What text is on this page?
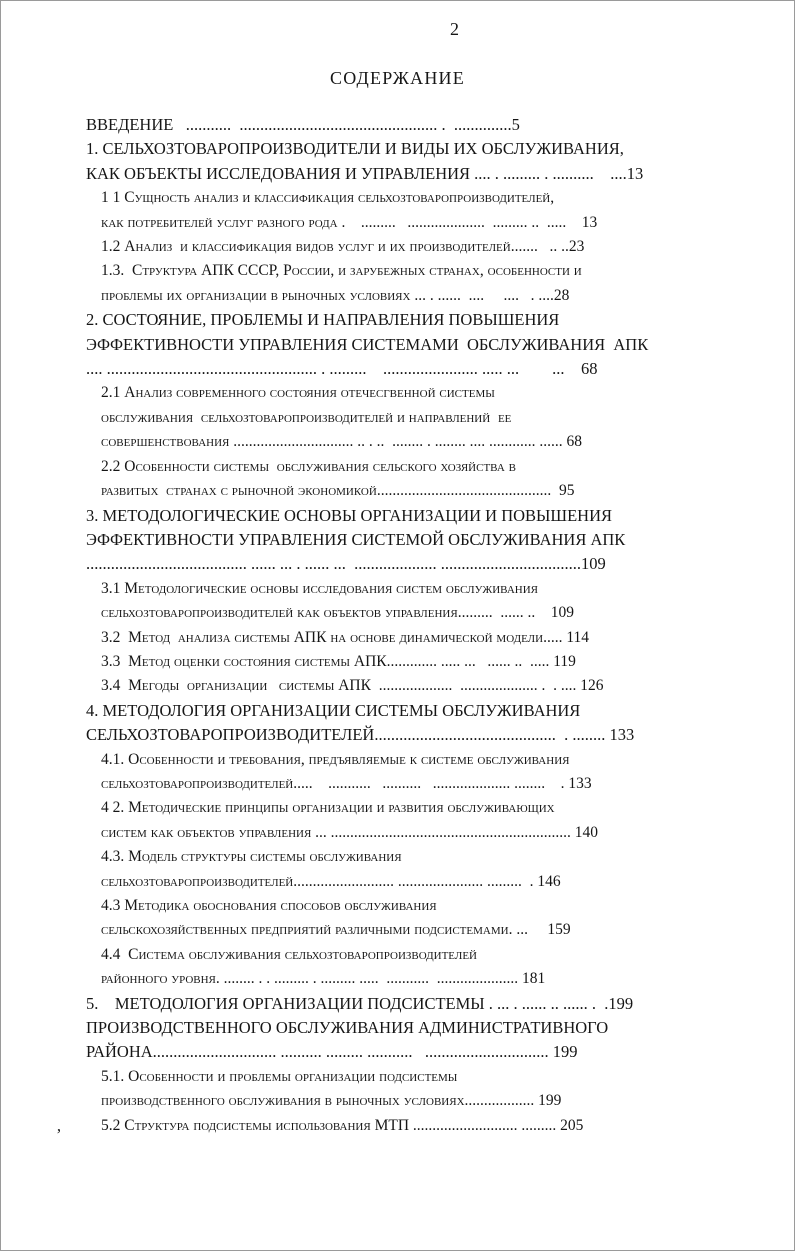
2
СОДЕРЖАНИЕ
ВВЕДЕНИЕ   ...........  ................................................ .  ..............5
1. СЕЛЬХОЗТОВАРОПРОИЗВОДИТЕЛИ И ВИДЫ ИХ ОБСЛУЖИВАНИЯ,
КАК ОБЪЕКТЫ ИССЛЕДОВАНИЯ И УПРАВЛЕНИЯ .... . ......... . ..........    ....13
1 1 Сущность анализ и классификация сельхозтоваропроизводителей,
как потребителей услуг разного рода .    .........   ....................  ......... ..  .....    13
1.2 Анализ  и классификация видов услуг и их производителей.......   .. ..23
1.3.  Структура АПК СССР, России, и зарубежных странах, особенности и
проблемы их организации в рыночных условиях ... . ......  ....     ....   . ....28
2. СОСТОЯНИЕ, ПРОБЛЕМЫ И НАПРАВЛЕНИЯ ПОВЫШЕНИЯ
ЭФФЕКТИВНОСТИ УПРАВЛЕНИЯ СИСТЕМАМИ  ОБСЛУЖИВАНИЯ  АПК
.... ................................................... . .........    ....................... ..... ...        ...    68
2.1 Анализ современного состояния отечесгвенной системы
обслуживания  сельхозтоваропроизводителей и направлений  ее
совершенствования ............................... .. . ..  ........ . ........ .... ............ ...... 68
2.2 Особенности системы  обслуживания сельского хозяйства в
развитых  странах с рыночной экономикой.............................................  95
3. МЕТОДОЛОГИЧЕСКИЕ ОСНОВЫ ОРГАНИЗАЦИИ И ПОВЫШЕНИЯ
ЭФФЕКТИВНОСТИ УПРАВЛЕНИЯ СИСТЕМОЙ ОБСЛУЖИВАНИЯ АПК
....................................... ...... ... . ...... ...  .................... ..................................109
3.1 Методологические основы исследования систем обслуживания
сельхозтоваропроизводителей как объектов управления.........  ...... ..    109
3.2  Метод  анализа системы АПК на основе динамической модели..... 114
3.3  Метод оценки состояния системы АПК............. ..... ...   ...... ..  ..... 119
3.4  Мегоды  организации   системы АПК  ...................  .................... .  . .... 126
4. МЕТОДОЛОГИЯ ОРГАНИЗАЦИИ СИСТЕМЫ ОБСЛУЖИВАНИЯ
СЕЛЬХОЗТОВАРОПРОИЗВОДИТЕЛЕЙ............................................  . ........ 133
4.1. Особенности и требования, предъявляемые к системе обслуживания
сельхозтоваропроизводителей.....    ...........   ..........   .................... ........    . 133
4 2. Методические принципы организации и развития обслуживающих
систем как объектов управления ... .............................................................. 140
4.3. Модель структуры системы обслуживания
сельхозтоваропроизводителей.......................... ...................... .........  . 146
4.3 Методика обоснования способов обслуживания
сельскохозяйственных предприятий различными подсистемами. ...     159
4.4  Система обслуживания сельхозтоваропроизводителей
районного уровня. ........ . . ......... . ......... .....  ...........  ..................... 181
5.    МЕТОДОЛОГИЯ ОРГАНИЗАЦИИ ПОДСИСТЕМЫ . ... . ...... .. ...... .  .199
ПРОИЗВОДСТВЕННОГО ОБСЛУЖИВАНИЯ АДМИНИСТРАТИВНОГО
РАЙОНА.............................. .......... ......... ...........   .............................. 199
5.1. Особенности и проблемы организации подсистемы
производственного обслуживания в рыночных условиях.................. 199
5.2 Структура подсистемы использования МТП ........................... ......... 205
’
